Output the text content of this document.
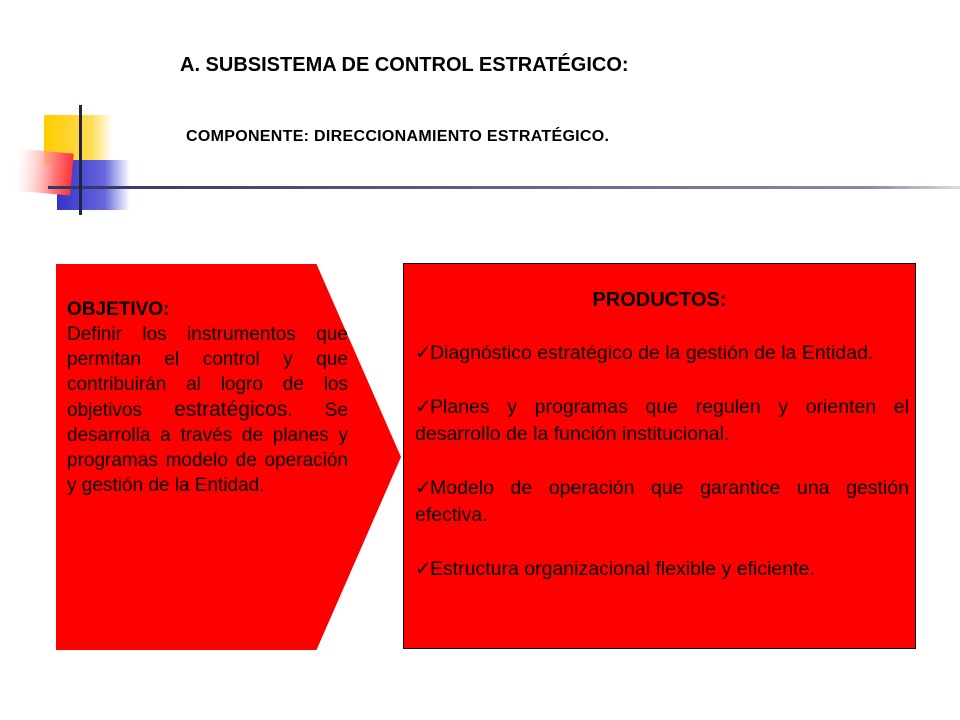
A. SUBSISTEMA DE CONTROL ESTRATÉGICO:
COMPONENTE: DIRECCIONAMIENTO ESTRATÉGICO.
OBJETIVO:
Definir los instrumentos que permitan el control y que contribuirán al logro de los objetivos estratégicos. Se desarrolla a través de planes y programas modelo de operación y gestión de la Entidad.
PRODUCTOS:
✓Diagnóstico estratégico de la gestión de la Entidad.
✓Planes y programas que regulen y orienten el desarrollo de la función institucional.
✓Modelo de operación que garantice una gestión efectiva.
✓Estructura organizacional flexible y eficiente.
